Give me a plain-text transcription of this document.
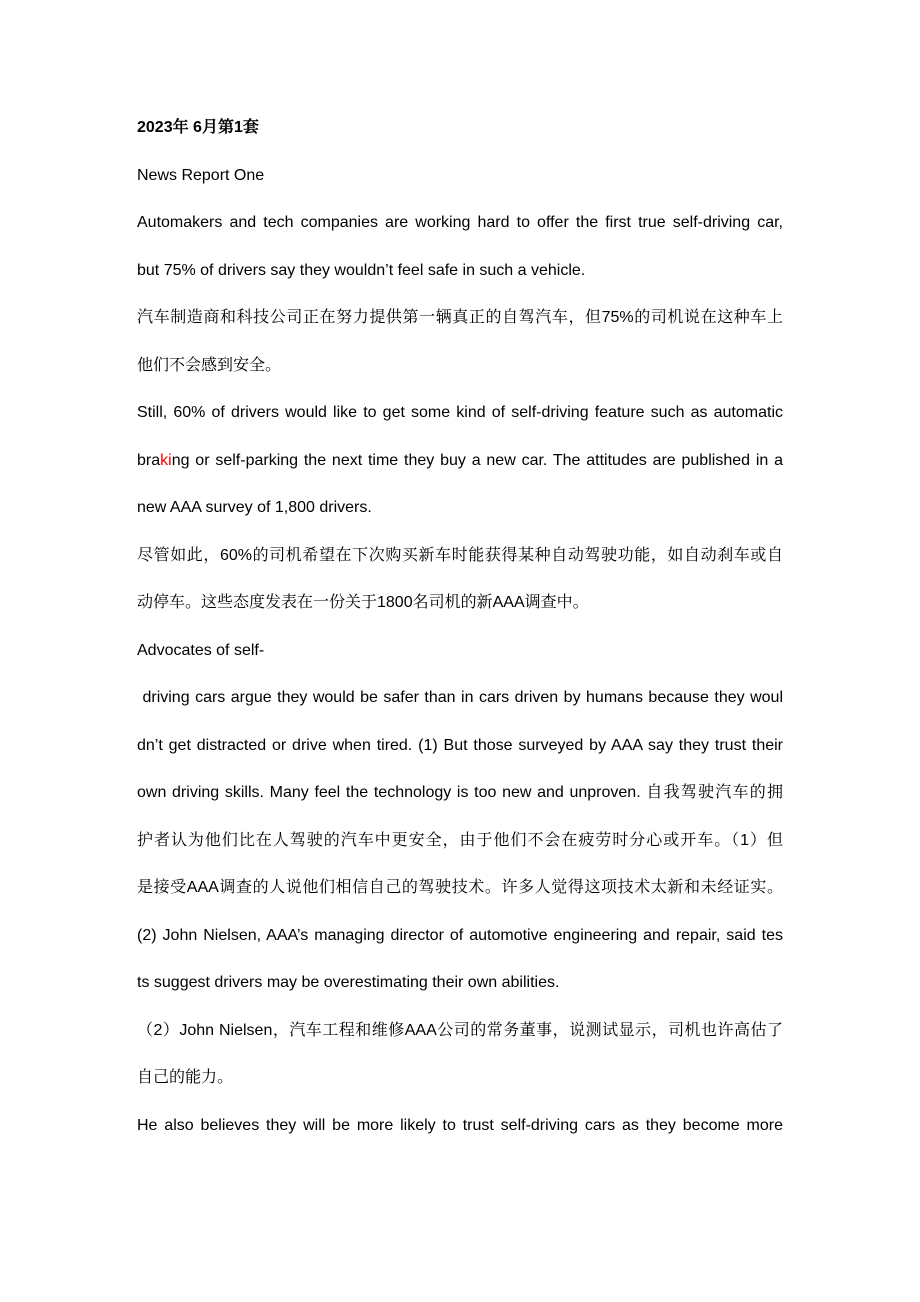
2023年 6月第1套
News Report One
Automakers and tech companies are working hard to offer the first true self-driving car,
but 75% of drivers say they wouldn’t feel safe in such a vehicle.
汽车制造商和科技公司正在努力提供第一辆真正的自驾汽车，但75%的司机说在这种车上
他们不会感到安全。
Still, 60% of drivers would like to get some kind of self-driving feature such as automatic
braking or self-parking the next time they buy a new car. The attitudes are published in a
new AAA survey of 1,800 drivers.
尽管如此，60%的司机希望在下次购买新车时能获得某种自动驾驶功能，如自动刹车或自
动停车。这些态度发表在一份关于1800名司机的新AAA调查中。
Advocates of self-
driving cars argue they would be safer than in cars driven by humans because they woul
dn’t get distracted or drive when tired. (1) But those surveyed by AAA say they trust their
own driving skills. Many feel the technology is too new and unproven. 自我驾驶汽车的拥
护者认为他们比在人驾驶的汽车中更安全，由于他们不会在疲劳时分心或开车。（1）但
是接受AAA调查的人说他们相信自己的驾驶技术。许多人觉得这项技术太新和未经证实。
(2) John Nielsen, AAA’s managing director of automotive engineering and repair, said tes
ts suggest drivers may be overestimating their own abilities.
（2）John Nielsen，汽车工程和维修AAA公司的常务董事，说测试显示，司机也许高估了
自己的能力。
He also believes they will be more likely to trust self-driving cars as they become more
